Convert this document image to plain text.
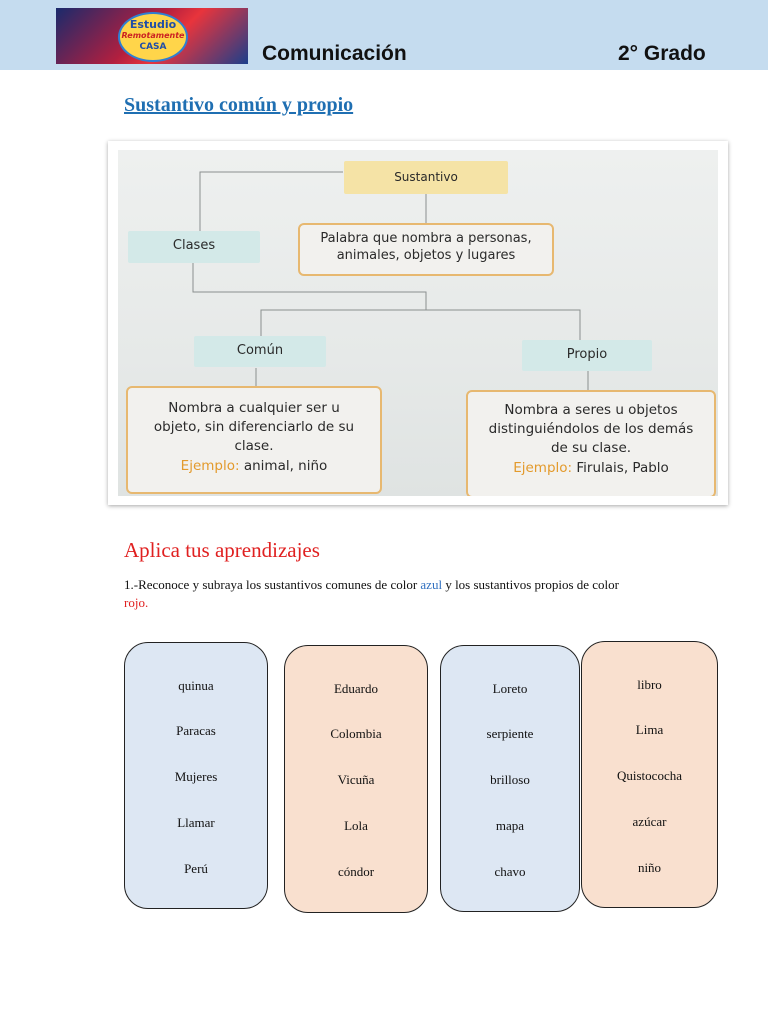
Estudio
Remotamente
CASA	Comunicación	2° Grado
Sustantivo común y propio
Sustantivo
Palabra que nombra a personas,
animales, objetos y lugares
Clases
Común	Propio
Nombra a cualquier ser u
objeto, sin diferenciarlo de su
clase.
Ejemplo: animal, niño
Nombra a seres u objetos
distinguiéndolos de los demás
de su clase.
Ejemplo: Firulais, Pablo
Aplica tus aprendizajes
1.-Reconoce y subraya los sustantivos comunes de color azul y los sustantivos propios de color
rojo.
quinua
Paracas
Mujeres
Llamar
Perú
Eduardo
Colombia
Vicuña
Lola
cóndor
Loreto
serpiente
brilloso
mapa
chavo
libro
Lima
Quistococha
azúcar
niño
